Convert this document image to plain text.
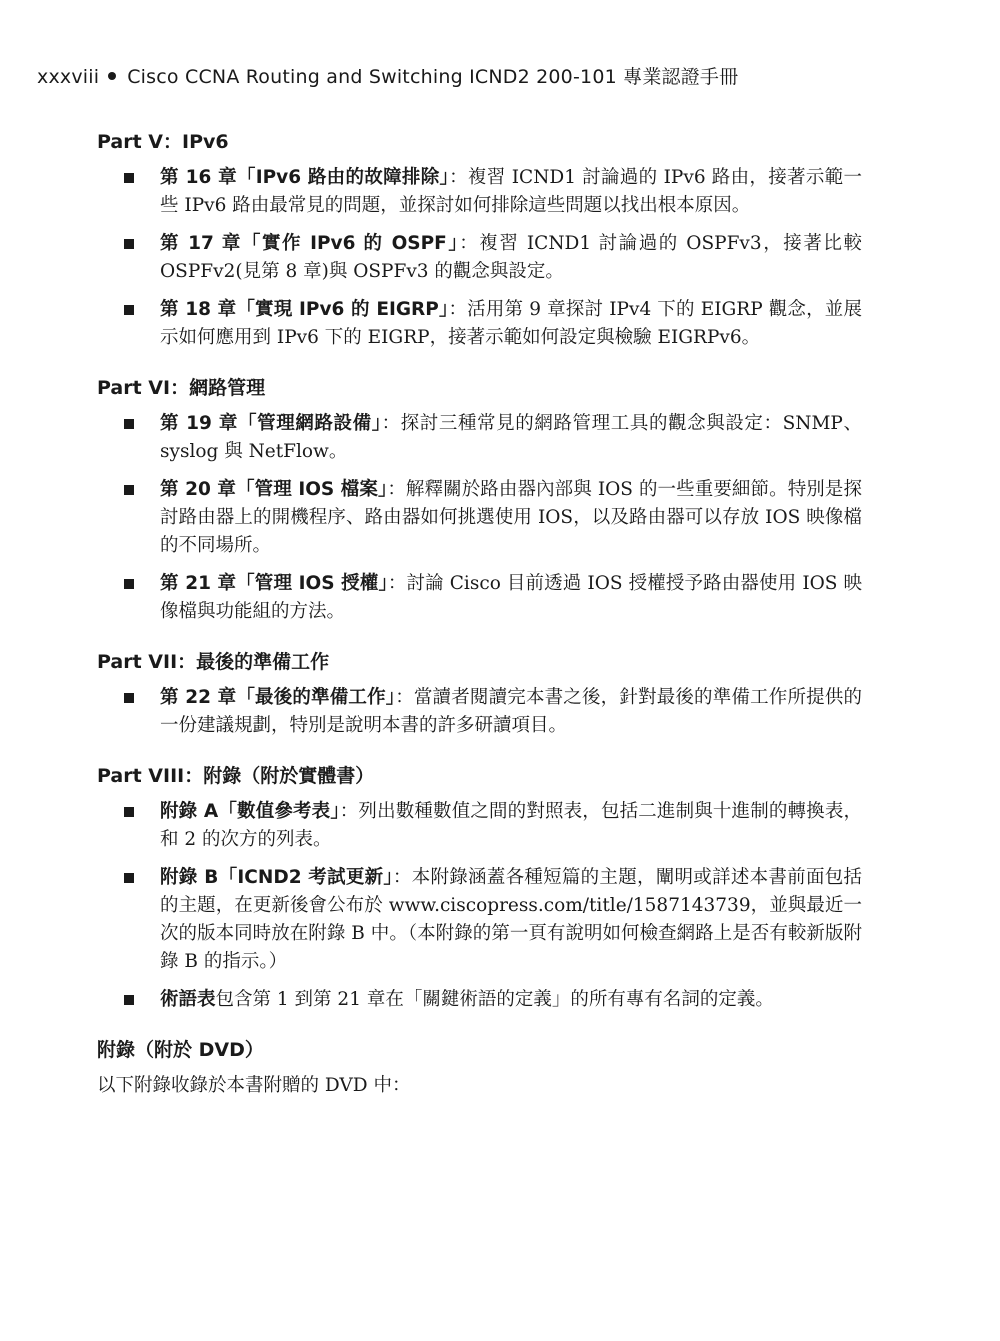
xxxviii Cisco CCNA Routing and Switching ICND2 200-101 專業認證手冊
Part V：IPv6
第 16 章「IPv6 路由的故障排除」：複習 ICND1 討論過的 IPv6 路由，接著示範一些 IPv6 路由最常見的問題，並探討如何排除這些問題以找出根本原因。
第 17 章「實作 IPv6 的 OSPF」：複習 ICND1 討論過的 OSPFv3，接著比較 OSPFv2(見第 8 章)與 OSPFv3 的觀念與設定。
第 18 章「實現 IPv6 的 EIGRP」：活用第 9 章探討 IPv4 下的 EIGRP 觀念，並展示如何應用到 IPv6 下的 EIGRP，接著示範如何設定與檢驗 EIGRPv6。
Part VI：網路管理
第 19 章「管理網路設備」：探討三種常見的網路管理工具的觀念與設定：SNMP、syslog 與 NetFlow。
第 20 章「管理 IOS 檔案」：解釋關於路由器內部與 IOS 的一些重要細節。特別是探討路由器上的開機程序、路由器如何挑選使用 IOS，以及路由器可以存放 IOS 映像檔的不同場所。
第 21 章「管理 IOS 授權」：討論 Cisco 目前透過 IOS 授權授予路由器使用 IOS 映像檔與功能組的方法。
Part VII：最後的準備工作
第 22 章「最後的準備工作」：當讀者閱讀完本書之後，針對最後的準備工作所提供的一份建議規劃，特別是說明本書的許多研讀項目。
Part VIII：附錄（附於實體書）
附錄 A「數值參考表」：列出數種數值之間的對照表，包括二進制與十進制的轉換表，和 2 的次方的列表。
附錄 B「ICND2 考試更新」：本附錄涵蓋各種短篇的主題，闡明或詳述本書前面包括的主題，在更新後會公布於 www.ciscopress.com/title/1587143739，並與最近一次的版本同時放在附錄 B 中。（本附錄的第一頁有說明如何檢查網路上是否有較新版附錄 B 的指示。）
術語表包含第 1 到第 21 章在「關鍵術語的定義」的所有專有名詞的定義。
附錄（附於 DVD）

以下附錄收錄於本書附贈的 DVD 中：
